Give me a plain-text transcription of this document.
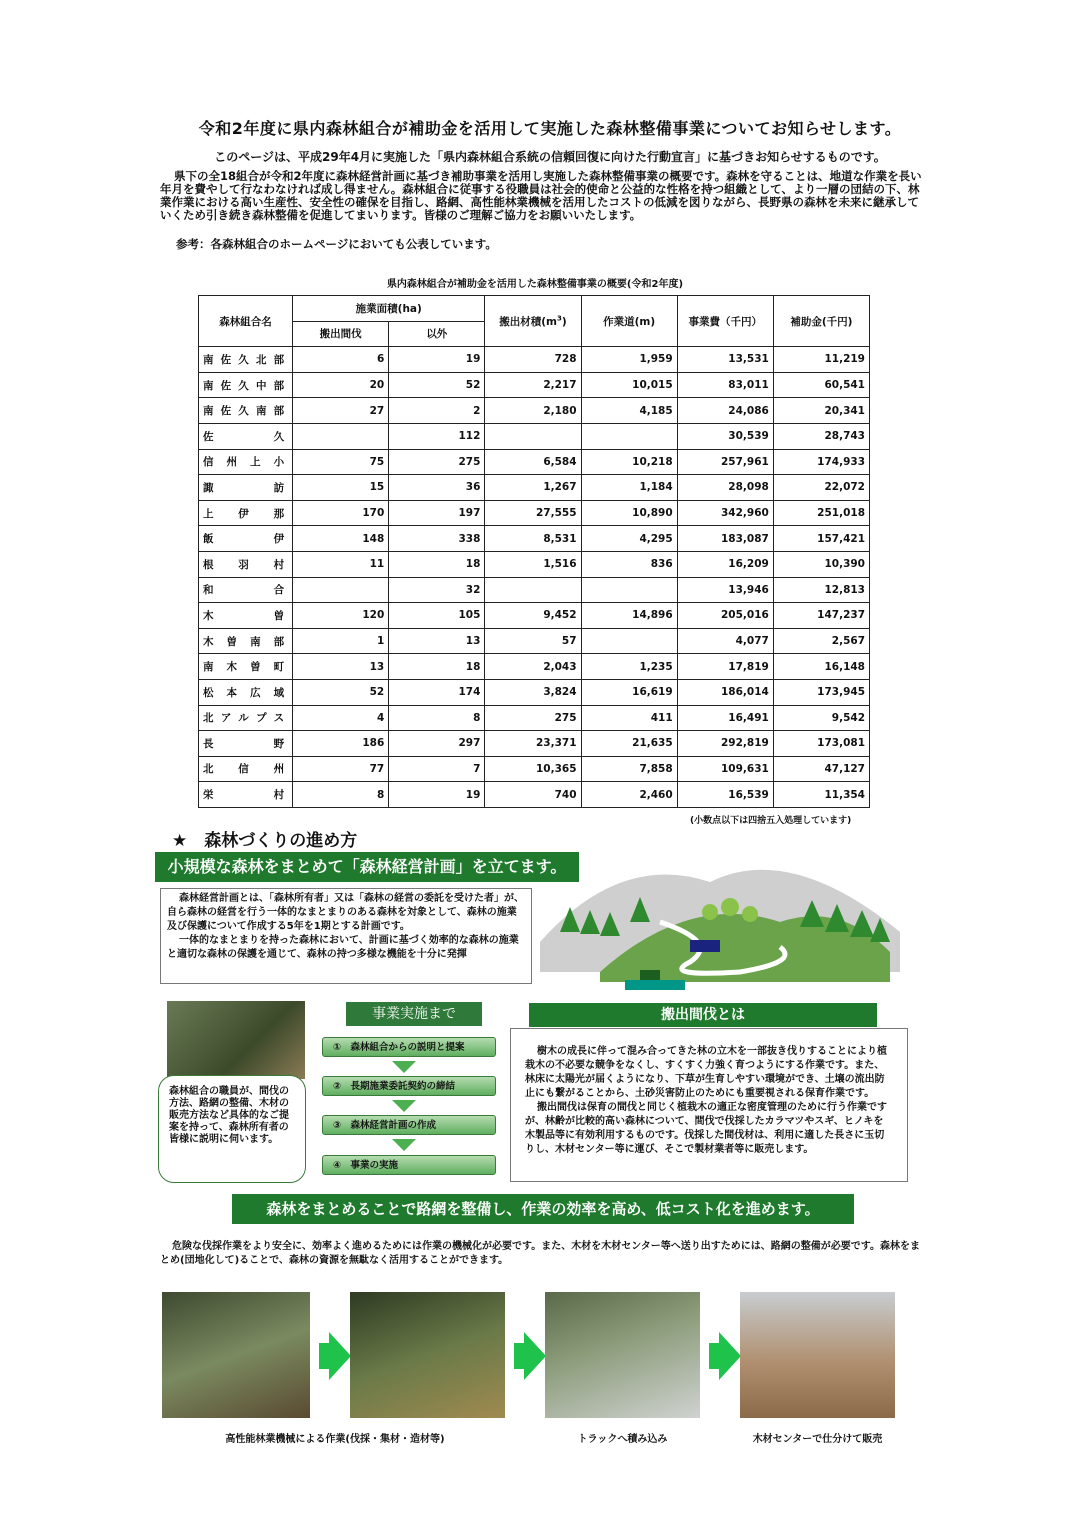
令和2年度に県内森林組合が補助金を活用して実施した森林整備事業についてお知らせします。
このページは、平成29年4月に実施した「県内森林組合系統の信頼回復に向けた行動宣言」に基づきお知らせするものです。
県下の全18組合が令和2年度に森林経営計画に基づき補助事業を活用し実施した森林整備事業の概要です。森林を守ることは、地道な作業を長い年月を費やして行なわなければ成し得ません。森林組合に従事する役職員は社会的使命と公益的な性格を持つ組織として、より一層の団結の下、林業作業における高い生産性、安全性の確保を目指し、路網、高性能林業機械を活用したコストの低減を図りながら、長野県の森林を未来に継承していくため引き続き森林整備を促進してまいります。皆様のご理解ご協力をお願いいたします。
参考：各森林組合のホームページにおいても公表しています。
県内森林組合が補助金を活用した森林整備事業の概要(令和2年度)
森林組合名	施業面積(ha)		搬出材積$(m^3)$	作業道(m)	事業費（千円）	補助金(千円)
	搬出間伐	以外				
南佐久北部	6	19	728	1,959	13,531	11,219
南佐久中部	20	52	2,217	10,015	83,011	60,541
南佐久南部	27	2	2,180	4,185	24,086	20,341
佐久		112			30,539	28,743
信州上小	75	275	6,584	10,218	257,961	174,933
諏訪	15	36	1,267	1,184	28,098	22,072
上伊那	170	197	27,555	10,890	342,960	251,018
飯伊	148	338	8,531	4,295	183,087	157,421
根羽村	11	18	1,516	836	16,209	10,390
和合		32			13,946	12,813
木曽	120	105	9,452	14,896	205,016	147,237
木曽南部	1	13	57		4,077	2,567
南木曽町	13	18	2,043	1,235	17,819	16,148
松本広域	52	174	3,824	16,619	186,014	173,945
北アルプス	4	8	275	411	16,491	9,542
長野	186	297	23,371	21,635	292,819	173,081
北信州	77	7	10,365	7,858	109,631	47,127
栄村	8	19	740	2,460	16,539	11,354
(小数点以下は四捨五入処理しています)
★　森林づくりの進め方
小規模な森林をまとめて「森林経営計画」を立てます。

森林経営計画とは、「森林所有者」又は「森林の経営の委託を受けた者」が、自ら森林の経営を行う一体的なまとまりのある森林を対象として、森林の施業及び保護について作成する5年を1期とする計画です。

一体的なまとまりを持った森林において、計画に基づく効率的な森林の施業と適切な森林の保護を通じて、森林の持つ多様な機能を十分に発揮

森林組合の職員が、間伐の方法、路網の整備、木材の販売方法など具体的なご提案を持って、森林所有者の皆様に説明に伺います。
事業実施まで
①　森林組合からの説明と提案
②　長期施業委託契約の締結
③　森林経営計画の作成
④　事業の実施
搬出間伐とは

樹木の成長に伴って混み合ってきた林の立木を一部抜き伐りすることにより植栽木の不必要な競争をなくし、すくすく力強く育つようにする作業です。また、林床に太陽光が届くようになり、下草が生育しやすい環境ができ、土壌の流出防止にも繋がることから、土砂災害防止のためにも重要視される保育作業です。

搬出間伐は保育の間伐と同じく植栽木の適正な密度管理のために行う作業ですが、林齢が比較的高い森林について、間伐で伐採したカラマツやスギ、ヒノキを木製品等に有効利用するものです。伐採した間伐材は、利用に適した長さに玉切りし、木材センター等に運び、そこで製材業者等に販売します。

森林をまとめることで路網を整備し、作業の効率を高め、低コスト化を進めます。
危険な伐採作業をより安全に、効率よく進めるためには作業の機械化が必要です。また、木材を木材センター等へ送り出すためには、路網の整備が必要です。森林をまとめ(団地化して)ることで、森林の資源を無駄なく活用することができます。
高性能林業機械による作業(伐採・集材・造材等)	トラックへ積み込み	木材センターで仕分けて販売
